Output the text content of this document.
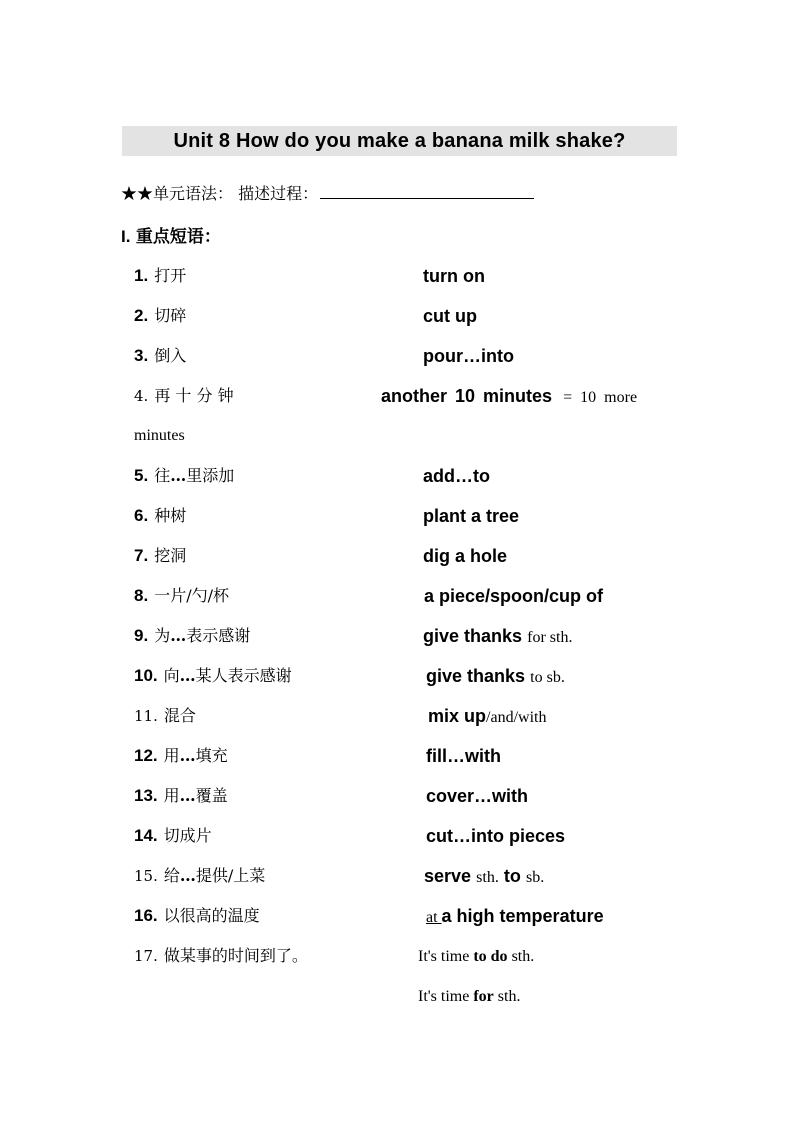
Unit 8 How do you make a banana milk shake?
★★单元语法： 描述过程：
I. 重点短语：
1. 打开	turn on
2. 切碎	cut up
3. 倒入	pour…into
4. 再 十 分 钟	another 10 minutes = 10 more
minutes
5. 往…里添加	add…to
6. 种树	plant a tree
7. 挖洞	dig a hole
8. 一片/勺/杯	a piece/spoon/cup of
9. 为…表示感谢	give thanks for sth.
10. 向…某人表示感谢	give thanks to sb.
11. 混合	mix up/and/with
12. 用…填充	fill…with
13. 用…覆盖	cover…with
14. 切成片	cut…into pieces
15. 给…提供/上菜	serve sth. to sb.
16. 以很高的温度	at a high temperature
17. 做某事的时间到了。	It's time to do sth.
It's time for sth.
